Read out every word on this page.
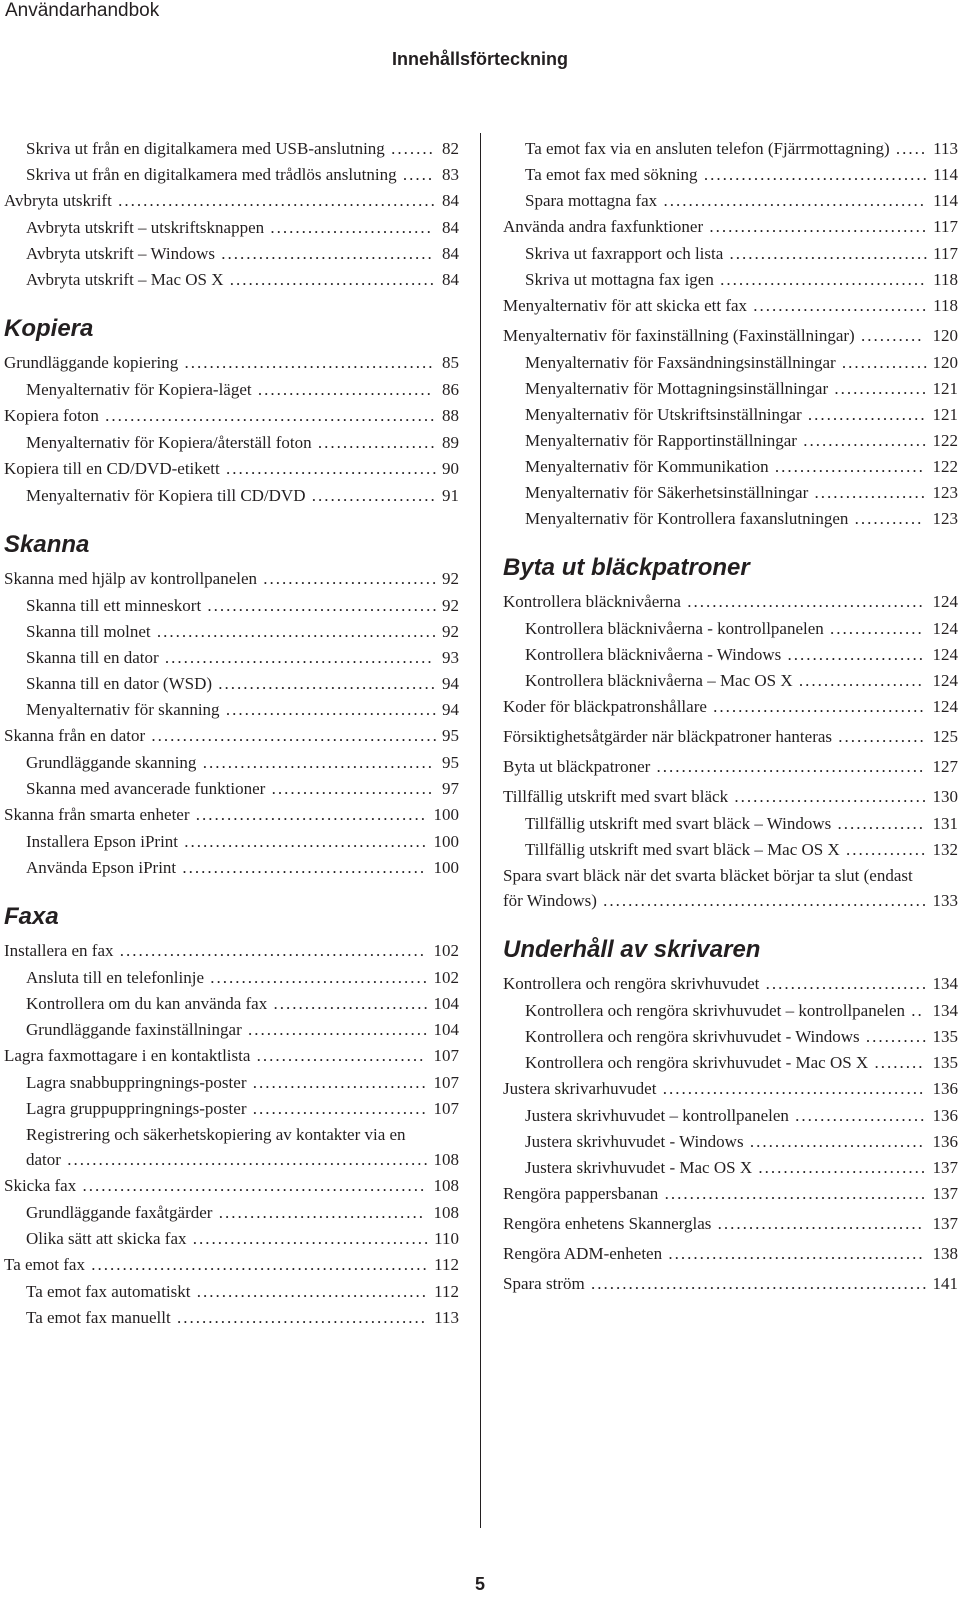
Användarhandbok
Innehållsförteckning
Skriva ut från en digitalkamera med USB-anslutning ....... 82
Skriva ut från en digitalkamera med trådlös anslutning ..... 83
Avbryta utskrift ................................................... 84
Avbryta utskrift – utskriftsknappen .......................... 84
Avbryta utskrift – Windows .................................. 84
Avbryta utskrift – Mac OS X ................................. 84
Kopiera
Grundläggande kopiering ........................................ 85
Menyalternativ för Kopiera-läget ............................ 86
Kopiera foton ..................................................... 88
Menyalternativ för Kopiera/återställ foton ................... 89
Kopiera till en CD/DVD-etikett .................................. 90
Menyalternativ för Kopiera till CD/DVD .................... 91
Skanna
Skanna med hjälp av kontrollpanelen ............................ 92
Skanna till ett minneskort ..................................... 92
Skanna till molnet ............................................. 92
Skanna till en dator ........................................... 93
Skanna till en dator (WSD) ................................... 94
Menyalternativ för skanning .................................. 94
Skanna från en dator .............................................. 95
Grundläggande skanning ..................................... 95
Skanna med avancerade funktioner .......................... 97
Skanna från smarta enheter ..................................... 100
Installera Epson iPrint ....................................... 100
Använda Epson iPrint ....................................... 100
Faxa
Installera en fax ................................................. 102
Ansluta till en telefonlinje ................................... 102
Kontrollera om du kan använda fax ......................... 104
Grundläggande faxinställningar ............................. 104
Lagra faxmottagare i en kontaktlista ........................... 107
Lagra snabbuppringnings-poster ............................ 107
Lagra gruppuppringnings-poster ............................ 107
Registrering och säkerhetskopiering av kontakter via en dator .......................................................... 108
Skicka fax ....................................................... 108
Grundläggande faxåtgärder ................................. 108
Olika sätt att skicka fax ...................................... 110
Ta emot fax ...................................................... 112
Ta emot fax automatiskt ..................................... 112
Ta emot fax manuellt ........................................ 113
Ta emot fax via en ansluten telefon (Fjärrmottagning) ..... 113
Ta emot fax med sökning .................................... 114
Spara mottagna fax .......................................... 114
Använda andra faxfunktioner ................................... 117
Skriva ut faxrapport och lista ................................ 117
Skriva ut mottagna fax igen ................................. 118
Menyalternativ för att skicka ett fax ............................ 118
Menyalternativ för faxinställning (Faxinställningar) .......... 120
Menyalternativ för Faxsändningsinställningar .............. 120
Menyalternativ för Mottagningsinställningar ............... 121
Menyalternativ för Utskriftsinställningar ................... 121
Menyalternativ för Rapportinställningar .................... 122
Menyalternativ för Kommunikation ........................ 122
Menyalternativ för Säkerhetsinställningar .................. 123
Menyalternativ för Kontrollera faxanslutningen ........... 123
Byta ut bläckpatroner
Kontrollera bläcknivåerna ...................................... 124
Kontrollera bläcknivåerna - kontrollpanelen ............... 124
Kontrollera bläcknivåerna - Windows ...................... 124
Kontrollera bläcknivåerna – Mac OS X .................... 124
Koder för bläckpatronshållare .................................. 124
Försiktighetsåtgärder när bläckpatroner hanteras .............. 125
Byta ut bläckpatroner ........................................... 127
Tillfällig utskrift med svart bläck ............................... 130
Tillfällig utskrift med svart bläck – Windows .............. 131
Tillfällig utskrift med svart bläck – Mac OS X ............. 132
Spara svart bläck när det svarta bläcket börjar ta slut (endast för Windows) .................................................... 133
Underhåll av skrivaren
Kontrollera och rengöra skrivhuvudet .......................... 134
Kontrollera och rengöra skrivhuvudet – kontrollpanelen .. 134
Kontrollera och rengöra skrivhuvudet - Windows .......... 135
Kontrollera och rengöra skrivhuvudet - Mac OS X ........ 135
Justera skrivarhuvudet .......................................... 136
Justera skrivhuvudet – kontrollpanelen ..................... 136
Justera skrivhuvudet - Windows ............................ 136
Justera skrivhuvudet - Mac OS X ........................... 137
Rengöra pappersbanan .......................................... 137
Rengöra enhetens Skannerglas ................................. 137
Rengöra ADM-enheten ......................................... 138
Spara ström ...................................................... 141
5
